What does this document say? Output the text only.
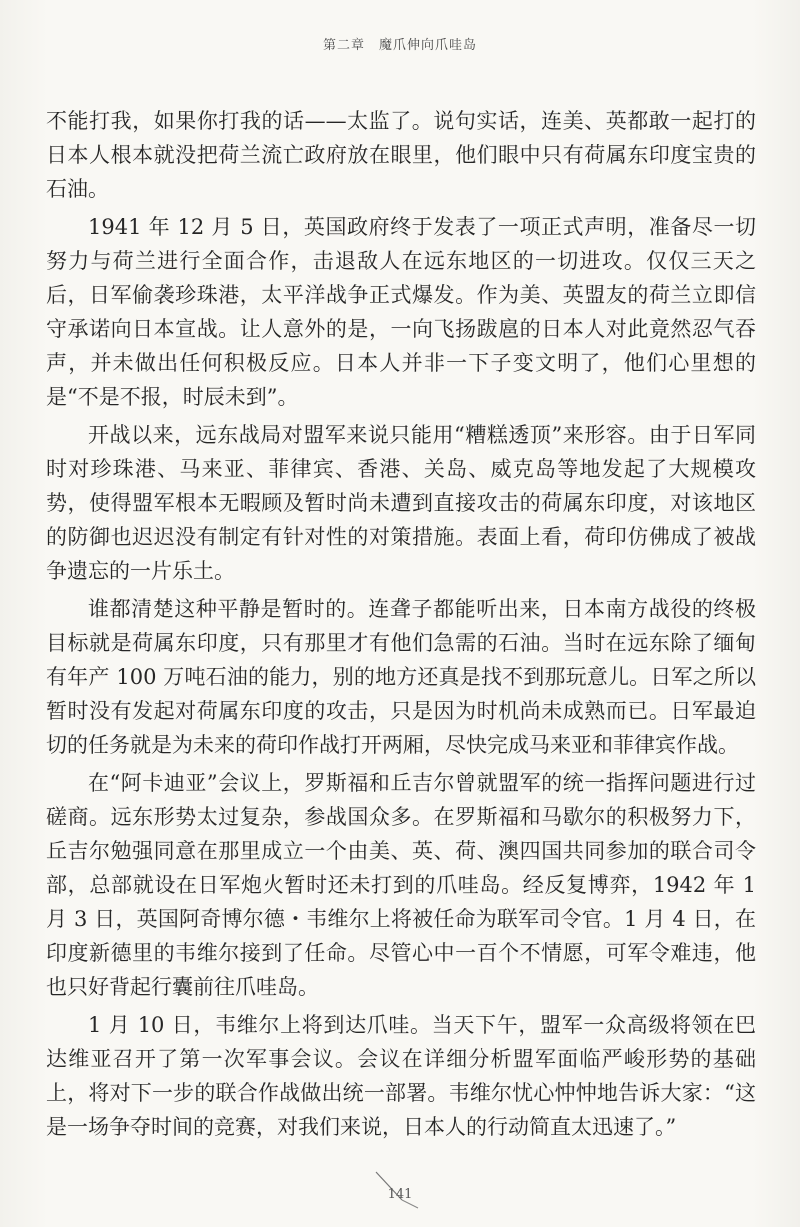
第二章　魔爪伸向爪哇岛

不能打我，如果你打我的话——太监了。说句实话，连美、英都敢一起打的日本人根本就没把荷兰流亡政府放在眼里，他们眼中只有荷属东印度宝贵的石油。

1941 年 12 月 5 日，英国政府终于发表了一项正式声明，准备尽一切努力与荷兰进行全面合作，击退敌人在远东地区的一切进攻。仅仅三天之后，日军偷袭珍珠港，太平洋战争正式爆发。作为美、英盟友的荷兰立即信守承诺向日本宣战。让人意外的是，一向飞扬跋扈的日本人对此竟然忍气吞声，并未做出任何积极反应。日本人并非一下子变文明了，他们心里想的是“不是不报，时辰未到”。

开战以来，远东战局对盟军来说只能用“糟糕透顶”来形容。由于日军同时对珍珠港、马来亚、菲律宾、香港、关岛、威克岛等地发起了大规模攻势，使得盟军根本无暇顾及暂时尚未遭到直接攻击的荷属东印度，对该地区的防御也迟迟没有制定有针对性的对策措施。表面上看，荷印仿佛成了被战争遗忘的一片乐土。

谁都清楚这种平静是暂时的。连聋子都能听出来，日本南方战役的终极目标就是荷属东印度，只有那里才有他们急需的石油。当时在远东除了缅甸有年产 100 万吨石油的能力，别的地方还真是找不到那玩意儿。日军之所以暂时没有发起对荷属东印度的攻击，只是因为时机尚未成熟而已。日军最迫切的任务就是为未来的荷印作战打开两厢，尽快完成马来亚和菲律宾作战。

在“阿卡迪亚”会议上，罗斯福和丘吉尔曾就盟军的统一指挥问题进行过磋商。远东形势太过复杂，参战国众多。在罗斯福和马歇尔的积极努力下，丘吉尔勉强同意在那里成立一个由美、英、荷、澳四国共同参加的联合司令部，总部就设在日军炮火暂时还未打到的爪哇岛。经反复博弈，1942 年 1 月 3 日，英国阿奇博尔德・韦维尔上将被任命为联军司令官。1 月 4 日，在印度新德里的韦维尔接到了任命。尽管心中一百个不情愿，可军令难违，他也只好背起行囊前往爪哇岛。

1 月 10 日，韦维尔上将到达爪哇。当天下午，盟军一众高级将领在巴达维亚召开了第一次军事会议。会议在详细分析盟军面临严峻形势的基础上，将对下一步的联合作战做出统一部署。韦维尔忧心忡忡地告诉大家：“这是一场争夺时间的竞赛，对我们来说，日本人的行动简直太迅速了。”

141
